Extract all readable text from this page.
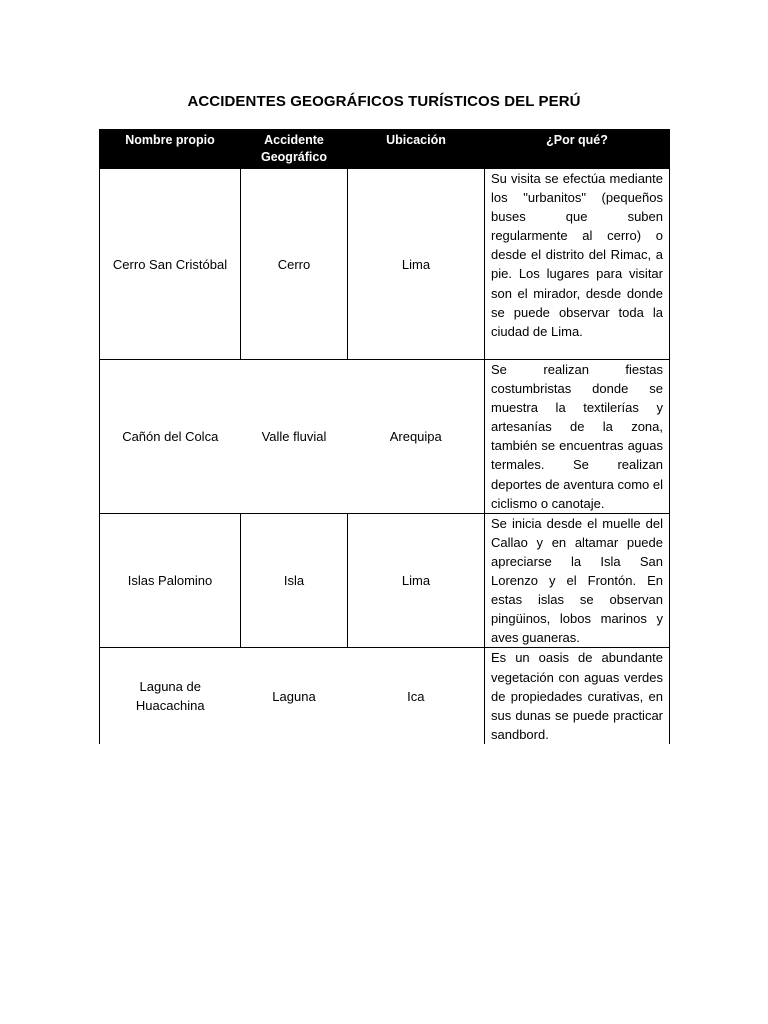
ACCIDENTES GEOGRÁFICOS TURÍSTICOS DEL PERÚ
Nombre propio	Accidente Geográfico	Ubicación	¿Por qué?
Cerro San Cristóbal	Cerro	Lima	Su visita se efectúa mediante los "urbanitos" (pequeños buses que suben regularmente al cerro) o desde el distrito del Rimac, a pie. Los lugares para visitar son el mirador, desde donde se puede observar toda la ciudad de Lima.
Cañón del Colca	Valle fluvial	Arequipa	Se realizan fiestas costumbristas donde se muestra la textilerías y artesanías de la zona, también se encuentras aguas termales. Se realizan deportes de aventura como el ciclismo o canotaje.
Islas Palomino	Isla	Lima	Se inicia desde el muelle del Callao y en altamar puede apreciarse la Isla San Lorenzo y el Frontón. En estas islas se observan pingüinos, lobos marinos y aves guaneras.
Laguna de Huacachina	Laguna	Ica	Es un oasis de abundante vegetación con aguas verdes de propiedades curativas, en sus dunas se puede practicar sandbord.
